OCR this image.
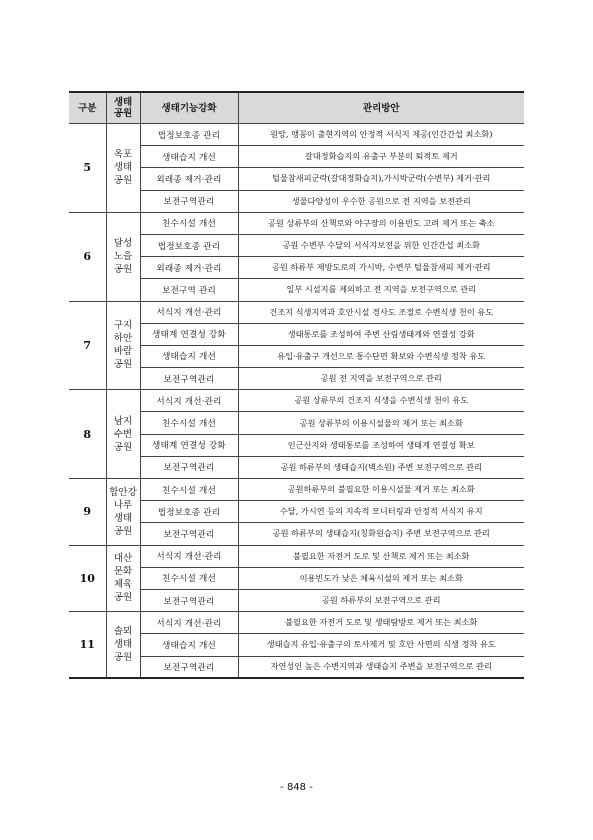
구분	생태
공원	생태기능강화	관리방안
5	옥포
생태
공원	법정보호종 관리	원앙, 맹꽁이 출현지역의 안정적 서식지 제공(인간간섭 최소화)
		생태습지 개선	갈대정화습지의 유출구 부분의 퇴적토 제거
		외래종 제거·관리	털물참새피군락(갈대정화습지),가시박군락(수변부) 제거·관리
		보전구역관리	생물다양성이 우수한 공원으로 전 지역을 보전관리
6	달성
노을
공원	친수시설 개선	공원 상류부의 산책로와 야구장의 이용빈도 고려 제거 또는 축소
		법정보호종 관리	공원 수변부 수달의 서식지보전을 위한 인간간섭 최소화
		외래종 제거·관리	공원 하류부 제방도로의 가시박, 수변부 털물참새피 제거·관리
		보전구역 관리	일부 시설지를 제외하고 전 지역을 보전구역으로 관리
7	구지
하안
바람
공원	서식지 개선·관리	건조지 식생지역과 호안시설 경사도 조절로 수변식생 천이 유도
		생태계 연결성 강화	생태통로를 조성하여 주변 산림생태계와 연결성 강화
		생태습지 개선	유입·유출구 개선으로 통수단면 확보와 수변식생 정착 유도
		보전구역관리	공원 전 지역을 보전구역으로 관리
8	남지
수변
공원	서식지 개선·관리	공원 상류부의 건조지 식생을 수변식생 천이 유도
		친수시설 개선	공원 상류부의 이용시설물의 제거 또는 최소화
		생태계 연결성 강화	인근산지와 생태통로를 조성하여 생태계 연결성 확보
		보전구역관리	공원 하류부의 생태습지(벽소원) 주변 보전구역으로 관리
9	합안강
나루
생태
공원	친수시설 개선	공원하류부의 불필요한 이용시설물 제거 또는 최소화
		법정보호종 관리	수달, 가시연 등의 지속적 모니터링과 안정적 서식지 유지
		보전구역관리	공원 하류부의 생태습지(칭화원습지) 주변 보전구역으로 관리
10	대산
문화
체육
공원	서식지 개선·관리	불필요한 자전거 도로 및 산책로 제거 또는 최소화
		친수시설 개선	이용빈도가 낮은 체육시설의 제거 또는 최소화
		보전구역관리	공원 하류부의 보전구역으로 관리
11	솔뫼
생태
공원	서식지 개선·관리	불필요한 자전거 도로 및 생태탐방로 제거 또는 최소화
		생태습지 개선	생태습지 유입·유출구의 토사제거 및 호안 사면의 식생 정착 유도
		보전구역관리	자연성인 높은 수변지역과 생태습지 주변을 보전구역으로 관리
- 848 -
